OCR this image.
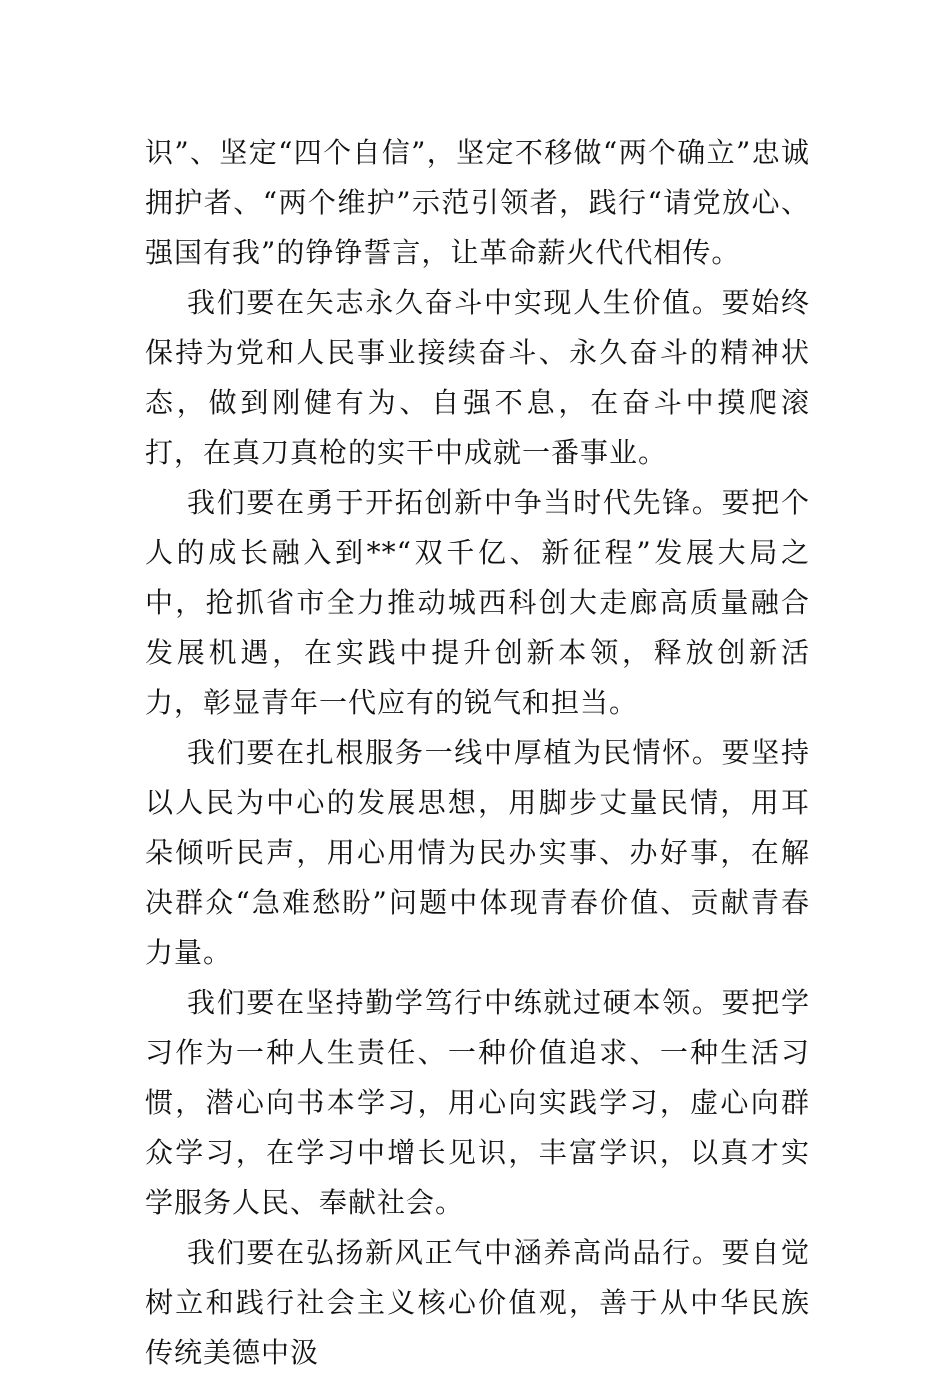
识”、坚定“四个自信”，坚定不移做“两个确立”忠诚拥护者、“两个维护”示范引领者，践行“请党放心、强国有我”的铮铮誓言，让革命薪火代代相传。

我们要在矢志永久奋斗中实现人生价值。要始终保持为党和人民事业接续奋斗、永久奋斗的精神状态，做到刚健有为、自强不息，在奋斗中摸爬滚打，在真刀真枪的实干中成就一番事业。

我们要在勇于开拓创新中争当时代先锋。要把个人的成长融入到**“双千亿、新征程”发展大局之中，抢抓省市全力推动城西科创大走廊高质量融合发展机遇，在实践中提升创新本领，释放创新活力，彰显青年一代应有的锐气和担当。

我们要在扎根服务一线中厚植为民情怀。要坚持以人民为中心的发展思想，用脚步丈量民情，用耳朵倾听民声，用心用情为民办实事、办好事，在解决群众“急难愁盼”问题中体现青春价值、贡献青春力量。

我们要在坚持勤学笃行中练就过硬本领。要把学习作为一种人生责任、一种价值追求、一种生活习惯，潜心向书本学习，用心向实践学习，虚心向群众学习，在学习中增长见识，丰富学识，以真才实学服务人民、奉献社会。

我们要在弘扬新风正气中涵养高尚品行。要自觉树立和践行社会主义核心价值观，善于从中华民族传统美德中汲
